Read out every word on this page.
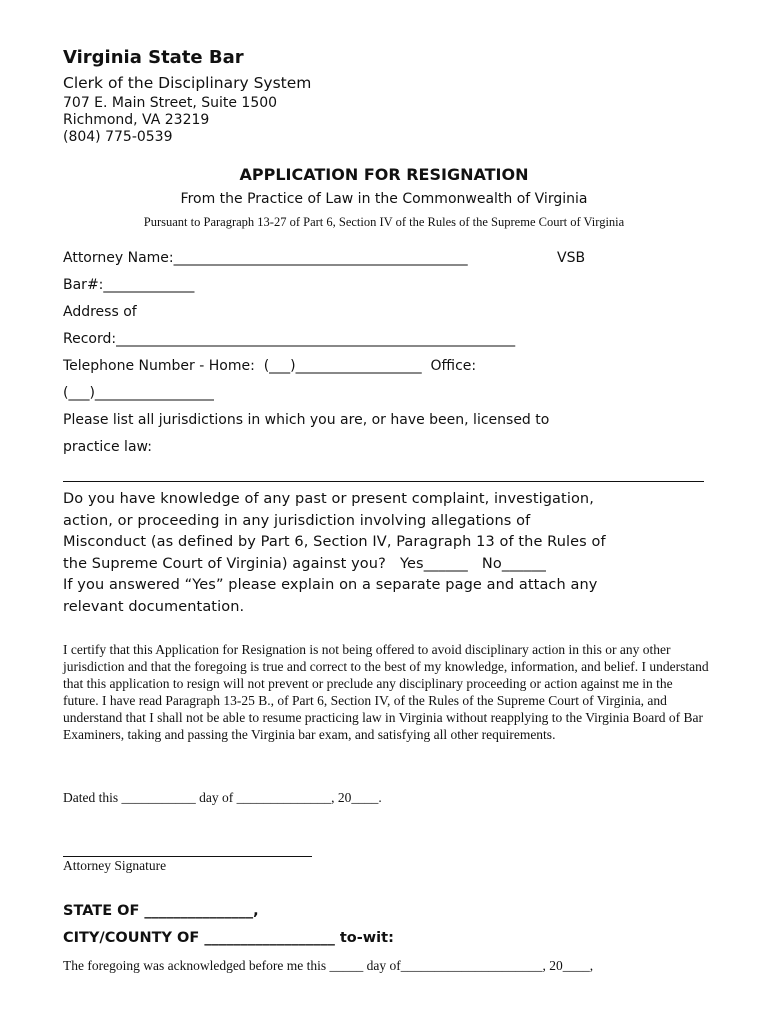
Virginia State Bar
Clerk of the Disciplinary System
707 E. Main Street, Suite 1500
Richmond, VA 23219
(804) 775-0539
APPLICATION FOR RESIGNATION
From the Practice of Law in the Commonwealth of Virginia
Pursuant to Paragraph 13-27 of Part 6, Section IV of the Rules of the Supreme Court of Virginia
Attorney Name:__________________________________________	VSB
Bar#:_____________
Address of
Record:_________________________________________________________
Telephone Number - Home:  (___)__________________  Office:
(___)_________________
Please list all jurisdictions in which you are, or have been, licensed to
practice law:
Do you have knowledge of any past or present complaint, investigation,
action, or proceeding in any jurisdiction involving allegations of
Misconduct (as defined by Part 6, Section IV, Paragraph 13 of the Rules of
the Supreme Court of Virginia) against you?   Yes______   No______
If you answered “Yes” please explain on a separate page and attach any
relevant documentation.
I certify that this Application for Resignation is not being offered to avoid disciplinary action in this or any other jurisdiction and that the foregoing is true and correct to the best of my knowledge, information, and belief. I understand that this application to resign will not prevent or preclude any disciplinary proceeding or action against me in the future. I have read Paragraph 13-25 B., of Part 6, Section IV, of the Rules of the Supreme Court of Virginia, and understand that I shall not be able to resume practicing law in Virginia without reapplying to the Virginia Board of Bar Examiners, taking and passing the Virginia bar exam, and satisfying all other requirements.
Dated this ___________ day of ______________, 20____.
Attorney Signature
STATE OF _______________,
CITY/COUNTY OF __________________ to-wit:
The foregoing was acknowledged before me this _____ day of_____________________, 20____,
